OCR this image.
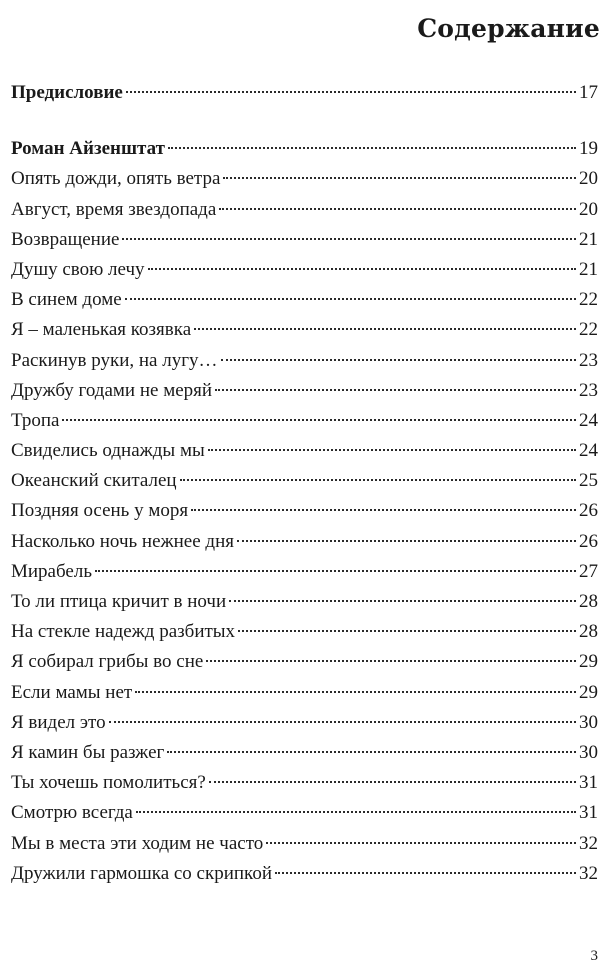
Содержание
Предисловие	17
Роман Айзенштат	19
Опять дожди, опять ветра	20
Август, время звездопада	20
Возвращение	21
Душу свою лечу	21
В синем доме	22
Я – маленькая козявка	22
Раскинув руки, на лугу…	23
Дружбу годами не меряй	23
Тропа	24
Свиделись однажды мы	24
Океанский скиталец	25
Поздняя осень у моря	26
Насколько ночь нежнее дня	26
Мирабель	27
То ли птица кричит в ночи	28
На стекле надежд разбитых	28
Я собирал грибы во сне	29
Если мамы нет	29
Я видел это	30
Я камин бы разжег	30
Ты хочешь помолиться?	31
Смотрю всегда	31
Мы в места эти ходим не часто	32
Дружили гармошка со скрипкой	32
3
